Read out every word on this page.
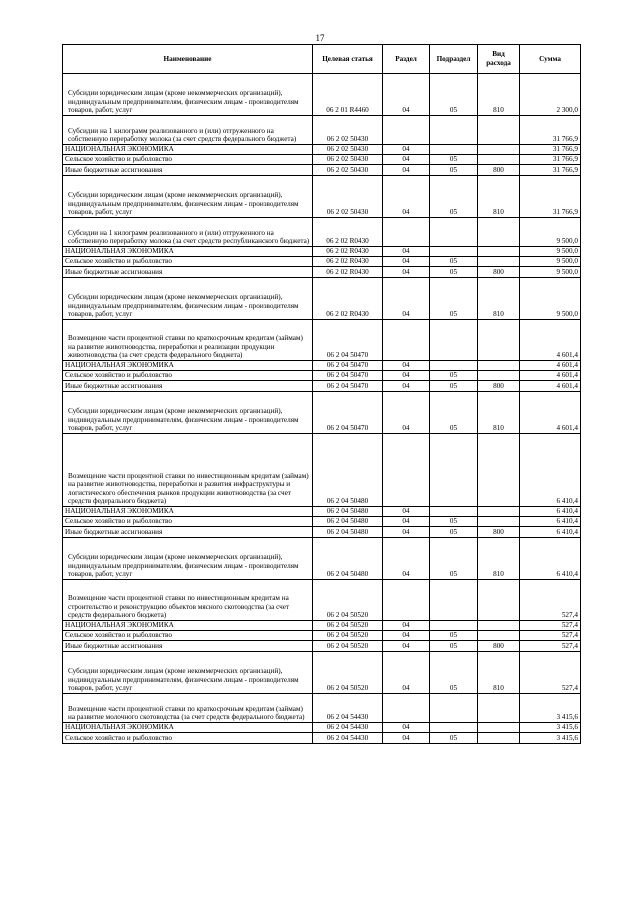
17
Наименование	Целевая статья	Раздел	Подраздел	Вид расхода	Сумма
Субсидии юридическим лицам (кроме некоммерческих организаций), индивидуальным предпринимателям, физическим лицам - производителям товаров, работ, услуг	06 2 01 R4460	04	05	810	2 300,0
Субсидии на 1 килограмм реализованного и (или) отгруженного на собственную переработку молока (за счет средств федерального бюджета)	06 2 02 50430				31 766,9
НАЦИОНАЛЬНАЯ ЭКОНОМИКА	06 2 02 50430	04			31 766,9
Сельское хозяйство и рыболовство	06 2 02 50430	04	05		31 766,9
Иные бюджетные ассигнования	06 2 02 50430	04	05	800	31 766,9
Субсидии юридическим лицам (кроме некоммерческих организаций), индивидуальным предпринимателям, физическим лицам - производителям товаров, работ, услуг	06 2 02 50430	04	05	810	31 766,9
Субсидии на 1 килограмм реализованного и (или) отгруженного на собственную переработку молока (за счет средств республиканского бюджета)	06 2 02 R0430				9 500,0
НАЦИОНАЛЬНАЯ ЭКОНОМИКА	06 2 02 R0430	04			9 500,0
Сельское хозяйство и рыболовство	06 2 02 R0430	04	05		9 500,0
Иные бюджетные ассигнования	06 2 02 R0430	04	05	800	9 500,0
Субсидии юридическим лицам (кроме некоммерческих организаций), индивидуальным предпринимателям, физическим лицам - производителям товаров, работ, услуг	06 2 02 R0430	04	05	810	9 500,0
Возмещение части процентной ставки по краткосрочным кредитам (займам) на развитие животноводства, переработки и реализации продукции животноводства (за счет средств федерального бюджета)	06 2 04 50470				4 601,4
НАЦИОНАЛЬНАЯ ЭКОНОМИКА	06 2 04 50470	04			4 601,4
Сельское хозяйство и рыболовство	06 2 04 50470	04	05		4 601,4
Иные бюджетные ассигнования	06 2 04 50470	04	05	800	4 601,4
Субсидии юридическим лицам (кроме некоммерческих организаций), индивидуальным предпринимателям, физическим лицам - производителям товаров, работ, услуг	06 2 04 50470	04	05	810	4 601,4
Возмещение части процентной ставки по инвестиционным кредитам (займам) на развитие животноводства, переработки и развития инфраструктуры и логистического обеспечения рынков продукции животноводства (за счет средств федерального бюджета)	06 2 04 50480				6 410,4
НАЦИОНАЛЬНАЯ ЭКОНОМИКА	06 2 04 50480	04			6 410,4
Сельское хозяйство и рыболовство	06 2 04 50480	04	05		6 410,4
Иные бюджетные ассигнования	06 2 04 50480	04	05	800	6 410,4
Субсидии юридическим лицам (кроме некоммерческих организаций), индивидуальным предпринимателям, физическим лицам - производителям товаров, работ, услуг	06 2 04 50480	04	05	810	6 410,4
Возмещение части процентной ставки по инвестиционным кредитам на строительство и реконструкцию объектов мясного скотоводства (за счет средств федерального бюджета)	06 2 04 50520				527,4
НАЦИОНАЛЬНАЯ ЭКОНОМИКА	06 2 04 50520	04			527,4
Сельское хозяйство и рыболовство	06 2 04 50520	04	05		527,4
Иные бюджетные ассигнования	06 2 04 50520	04	05	800	527,4
Субсидии юридическим лицам (кроме некоммерческих организаций), индивидуальным предпринимателям, физическим лицам - производителям товаров, работ, услуг	06 2 04 50520	04	05	810	527,4
Возмещение части процентной ставки по краткосрочным кредитам (займам) на развитие молочного скотоводства (за счет средств федерального бюджета)	06 2 04 54430				3 415,6
НАЦИОНАЛЬНАЯ ЭКОНОМИКА	06 2 04 54430	04			3 415,6
Сельское хозяйство и рыболовство	06 2 04 54430	04	05		3 415,6
